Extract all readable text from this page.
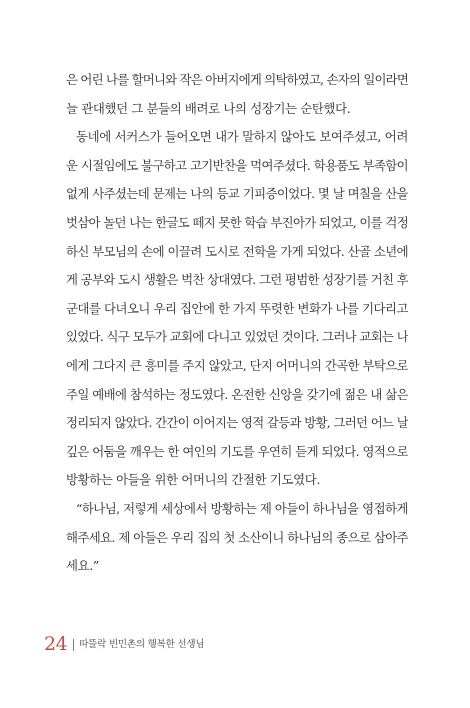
은 어린 나를 할머니와 작은 아버지에게 의탁하였고, 손자의 일이라면
늘 관대했던 그 분들의 배려로 나의 성장기는 순탄했다.

동네에 서커스가 들어오면 내가 말하지 않아도 보여주셨고, 어려
운 시절임에도 불구하고 고기반찬을 먹여주셨다. 학용품도 부족함이
없게 사주셨는데 문제는 나의 등교 기피증이었다. 몇 날 며칠을 산을
벗삼아 놀던 나는 한글도 떼지 못한 학습 부진아가 되었고, 이를 걱정
하신 부모님의 손에 이끌려 도시로 전학을 가게 되었다. 산골 소년에
게 공부와 도시 생활은 벅찬 상대였다. 그런 평범한 성장기를 거친 후
군대를 다녀오니 우리 집안에 한 가지 뚜렷한 변화가 나를 기다리고
있었다. 식구 모두가 교회에 다니고 있었던 것이다. 그러나 교회는 나
에게 그다지 큰 흥미를 주지 않았고, 단지 어머니의 간곡한 부탁으로
주일 예배에 참석하는 정도였다. 온전한 신앙을 갖기에 젊은 내 삶은
정리되지 않았다. 간간이 이어지는 영적 갈등과 방황, 그러던 어느 날
깊은 어둠을 깨우는 한 여인의 기도를 우연히 듣게 되었다. 영적으로
방황하는 아들을 위한 어머니의 간절한 기도였다.

“하나님, 저렇게 세상에서 방황하는 제 아들이 하나님을 영접하게
해주세요. 제 아들은 우리 집의 첫 소산이니 하나님의 종으로 삼아주
세요.”

24 따뜰락 빈민촌의 행복한 선생님
